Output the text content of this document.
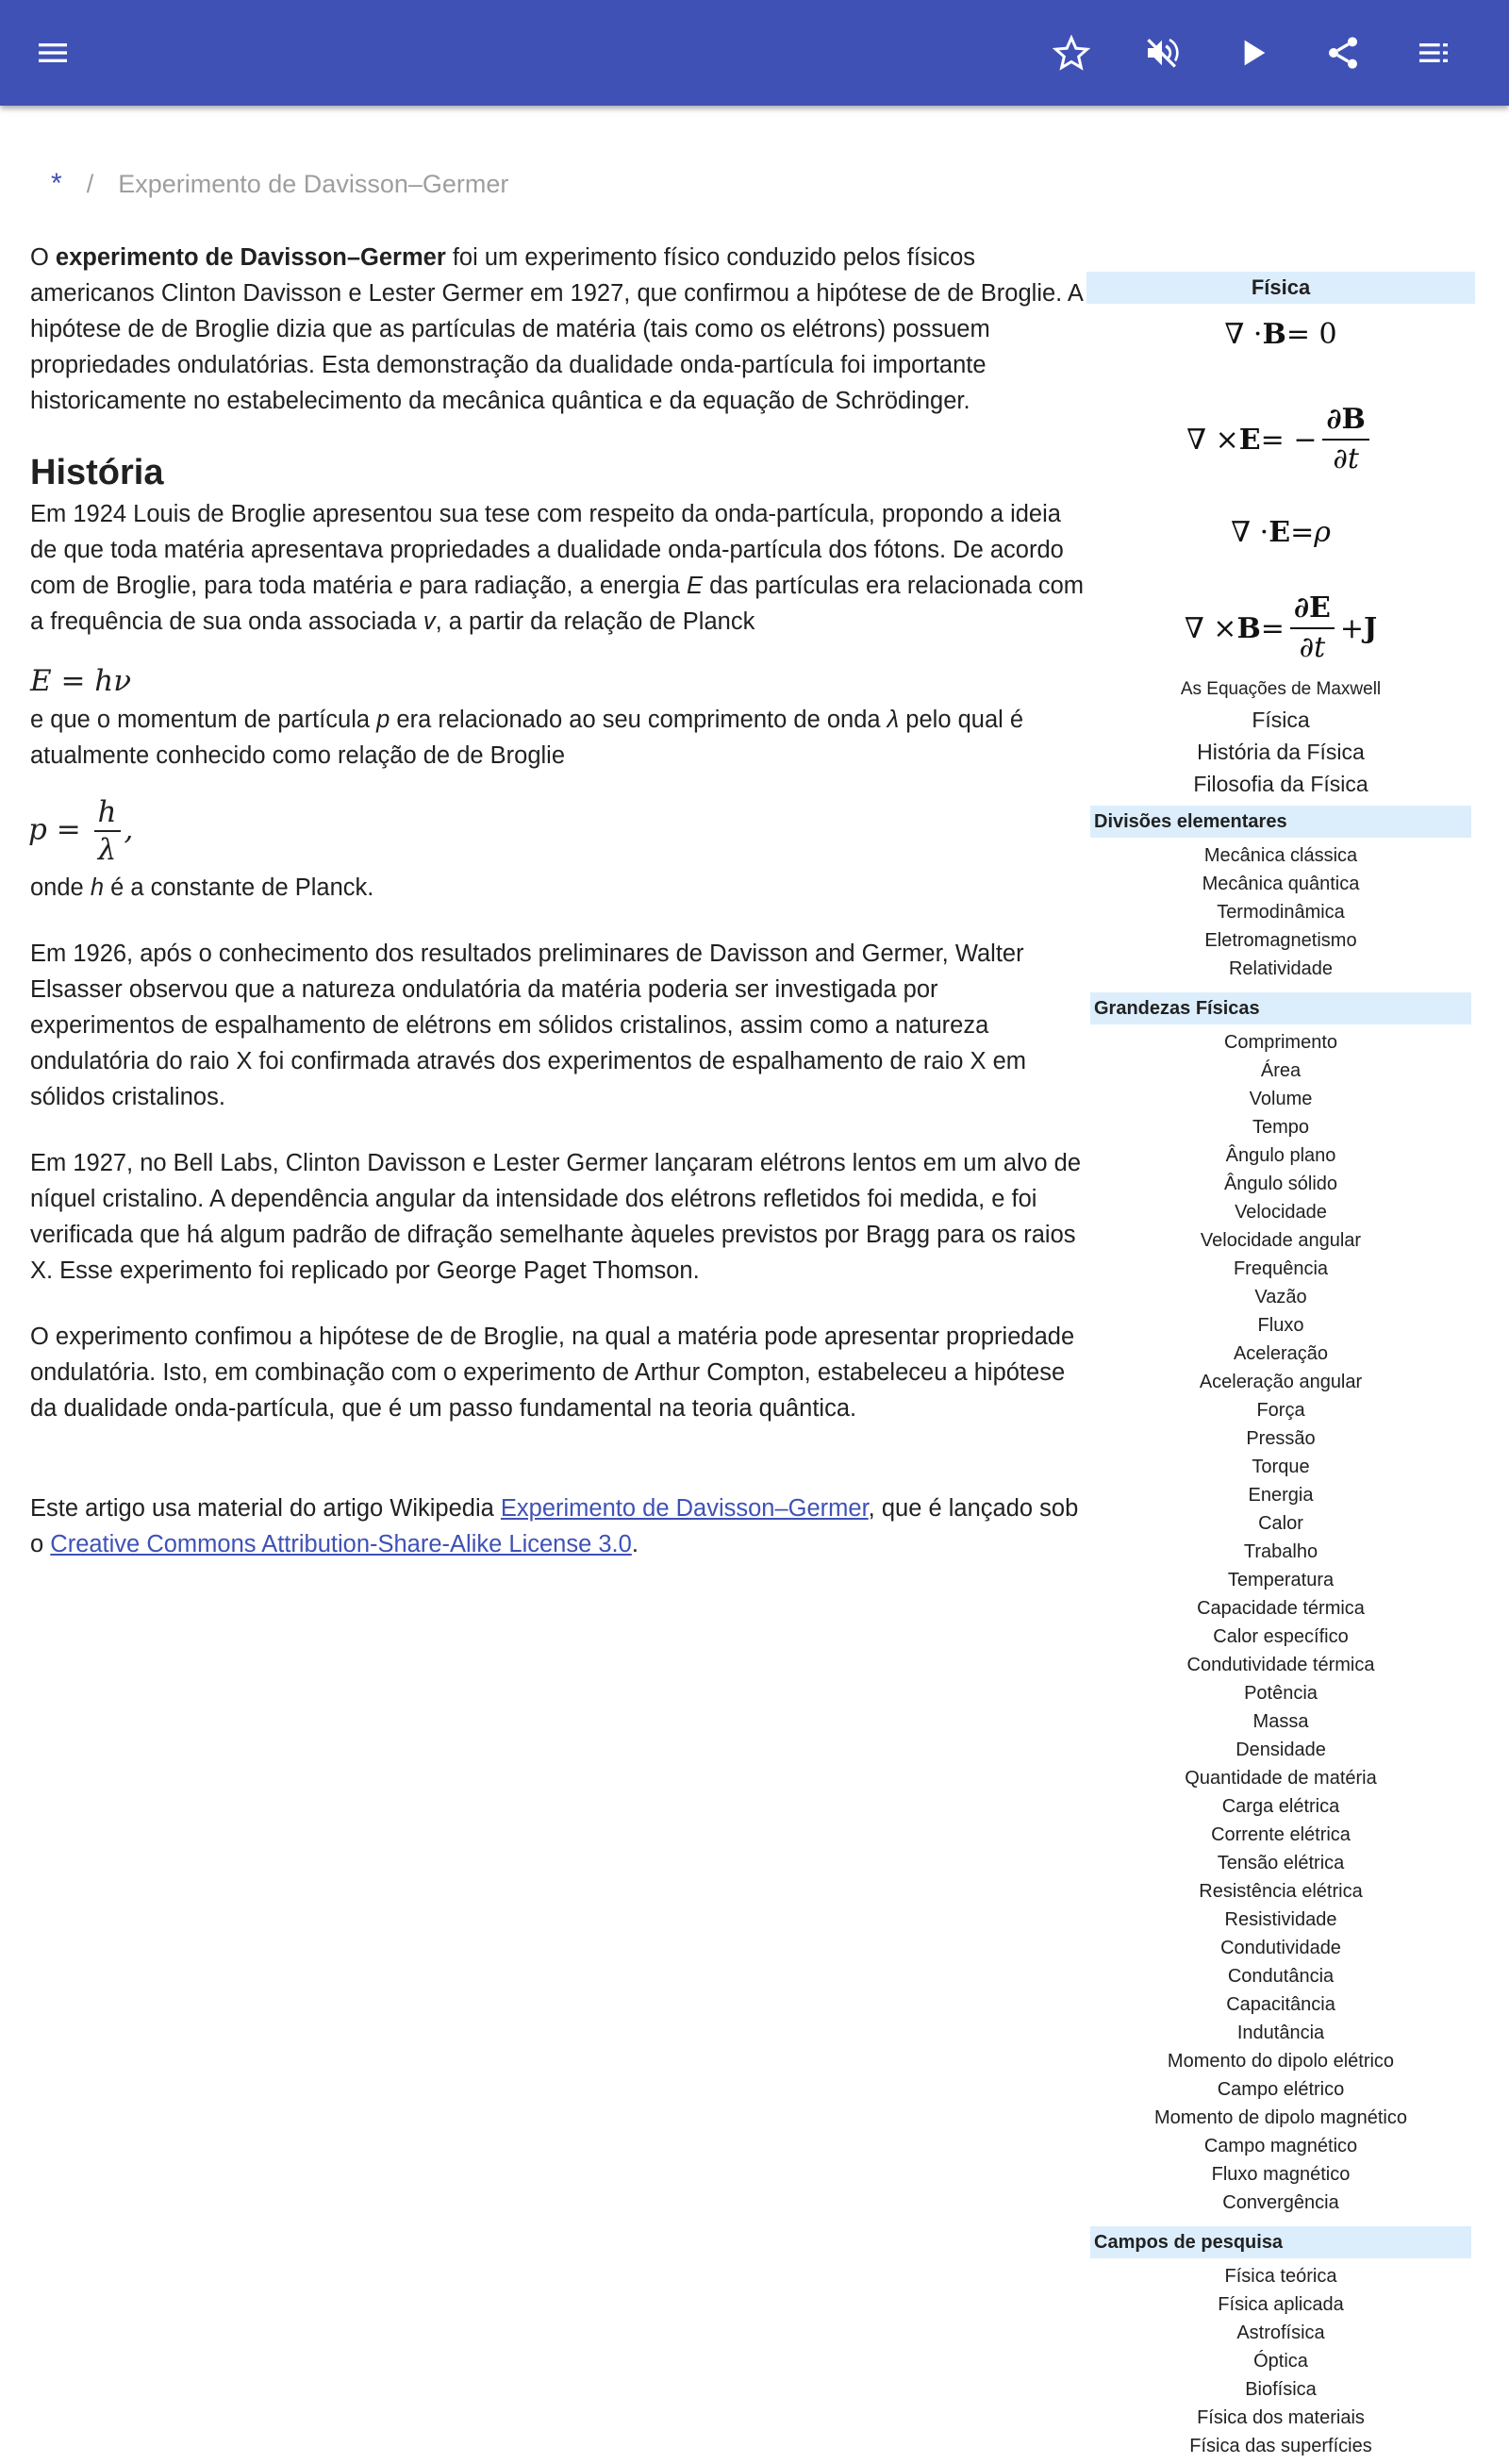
* / Experimento de Davisson–Germer

O experimento de Davisson–Germer foi um experimento físico conduzido pelos físicos americanos Clinton Davisson e Lester Germer em 1927, que confirmou a hipótese de de Broglie. A hipótese de de Broglie dizia que as partículas de matéria (tais como os elétrons) possuem propriedades ondulatórias. Esta demonstração da dualidade onda-partícula foi importante historicamente no estabelecimento da mecânica quântica e da equação de Schrödinger.

História

Em 1924 Louis de Broglie apresentou sua tese com respeito da onda-partícula, propondo a ideia de que toda matéria apresentava propriedades a dualidade onda-partícula dos fótons. De acordo com de Broglie, para toda matéria e para radiação, a energia E das partículas era relacionada com a frequência de sua onda associada v, a partir da relação de Planck

E = hν

e que o momentum de partícula p era relacionado ao seu comprimento de onda λ pelo qual é atualmente conhecido como relação de de Broglie

$p = \frac{h}{\lambda}$ ,

onde h é a constante de Planck.

Em 1926, após o conhecimento dos resultados preliminares de Davisson and Germer, Walter Elsasser observou que a natureza ondulatória da matéria poderia ser investigada por experimentos de espalhamento de elétrons em sólidos cristalinos, assim como a natureza ondulatória do raio X foi confirmada através dos experimentos de espalhamento de raio X em sólidos cristalinos.

Em 1927, no Bell Labs, Clinton Davisson e Lester Germer lançaram elétrons lentos em um alvo de níquel cristalino. A dependência angular da intensidade dos elétrons refletidos foi medida, e foi verificada que há algum padrão de difração semelhante àqueles previstos por Bragg para os raios X. Esse experimento foi replicado por George Paget Thomson.

O experimento confimou a hipótese de de Broglie, na qual a matéria pode apresentar propriedade ondulatória. Isto, em combinação com o experimento de Arthur Compton, estabeleceu a hipótese da dualidade onda-partícula, que é um passo fundamental na teoria quântica.

Este artigo usa material do artigo Wikipedia Experimento de Davisson–Germer, que é lançado sob o Creative Commons Attribution-Share-Alike License 3.0.

Física
∇ · B = 0
∇ × E = − $\frac{\partial B}{\partial t}$
∇ · E = ρ
∇ × $B = \frac{\partial E}{\partial t} + J$
As Equações de Maxwell
Física
História da Física
Filosofia da Física
Divisões elementares
Mecânica clássica
Mecânica quântica
Termodinâmica
Eletromagnetismo
Relatividade
Grandezas Físicas
Comprimento
Área
Volume
Tempo
Ângulo plano
Ângulo sólido
Velocidade
Velocidade angular
Frequência
Vazão
Fluxo
Aceleração
Aceleração angular
Força
Pressão
Torque
Energia
Calor
Trabalho
Temperatura
Capacidade térmica
Calor específico
Condutividade térmica
Potência
Massa
Densidade
Quantidade de matéria
Carga elétrica
Corrente elétrica
Tensão elétrica
Resistência elétrica
Resistividade
Condutividade
Condutância
Capacitância
Indutância
Momento do dipolo elétrico
Campo elétrico
Momento de dipolo magnético
Campo magnético
Fluxo magnético
Convergência
Campos de pesquisa
Física teórica
Física aplicada
Astrofísica
Óptica
Biofísica
Física dos materiais
Física das superfícies
